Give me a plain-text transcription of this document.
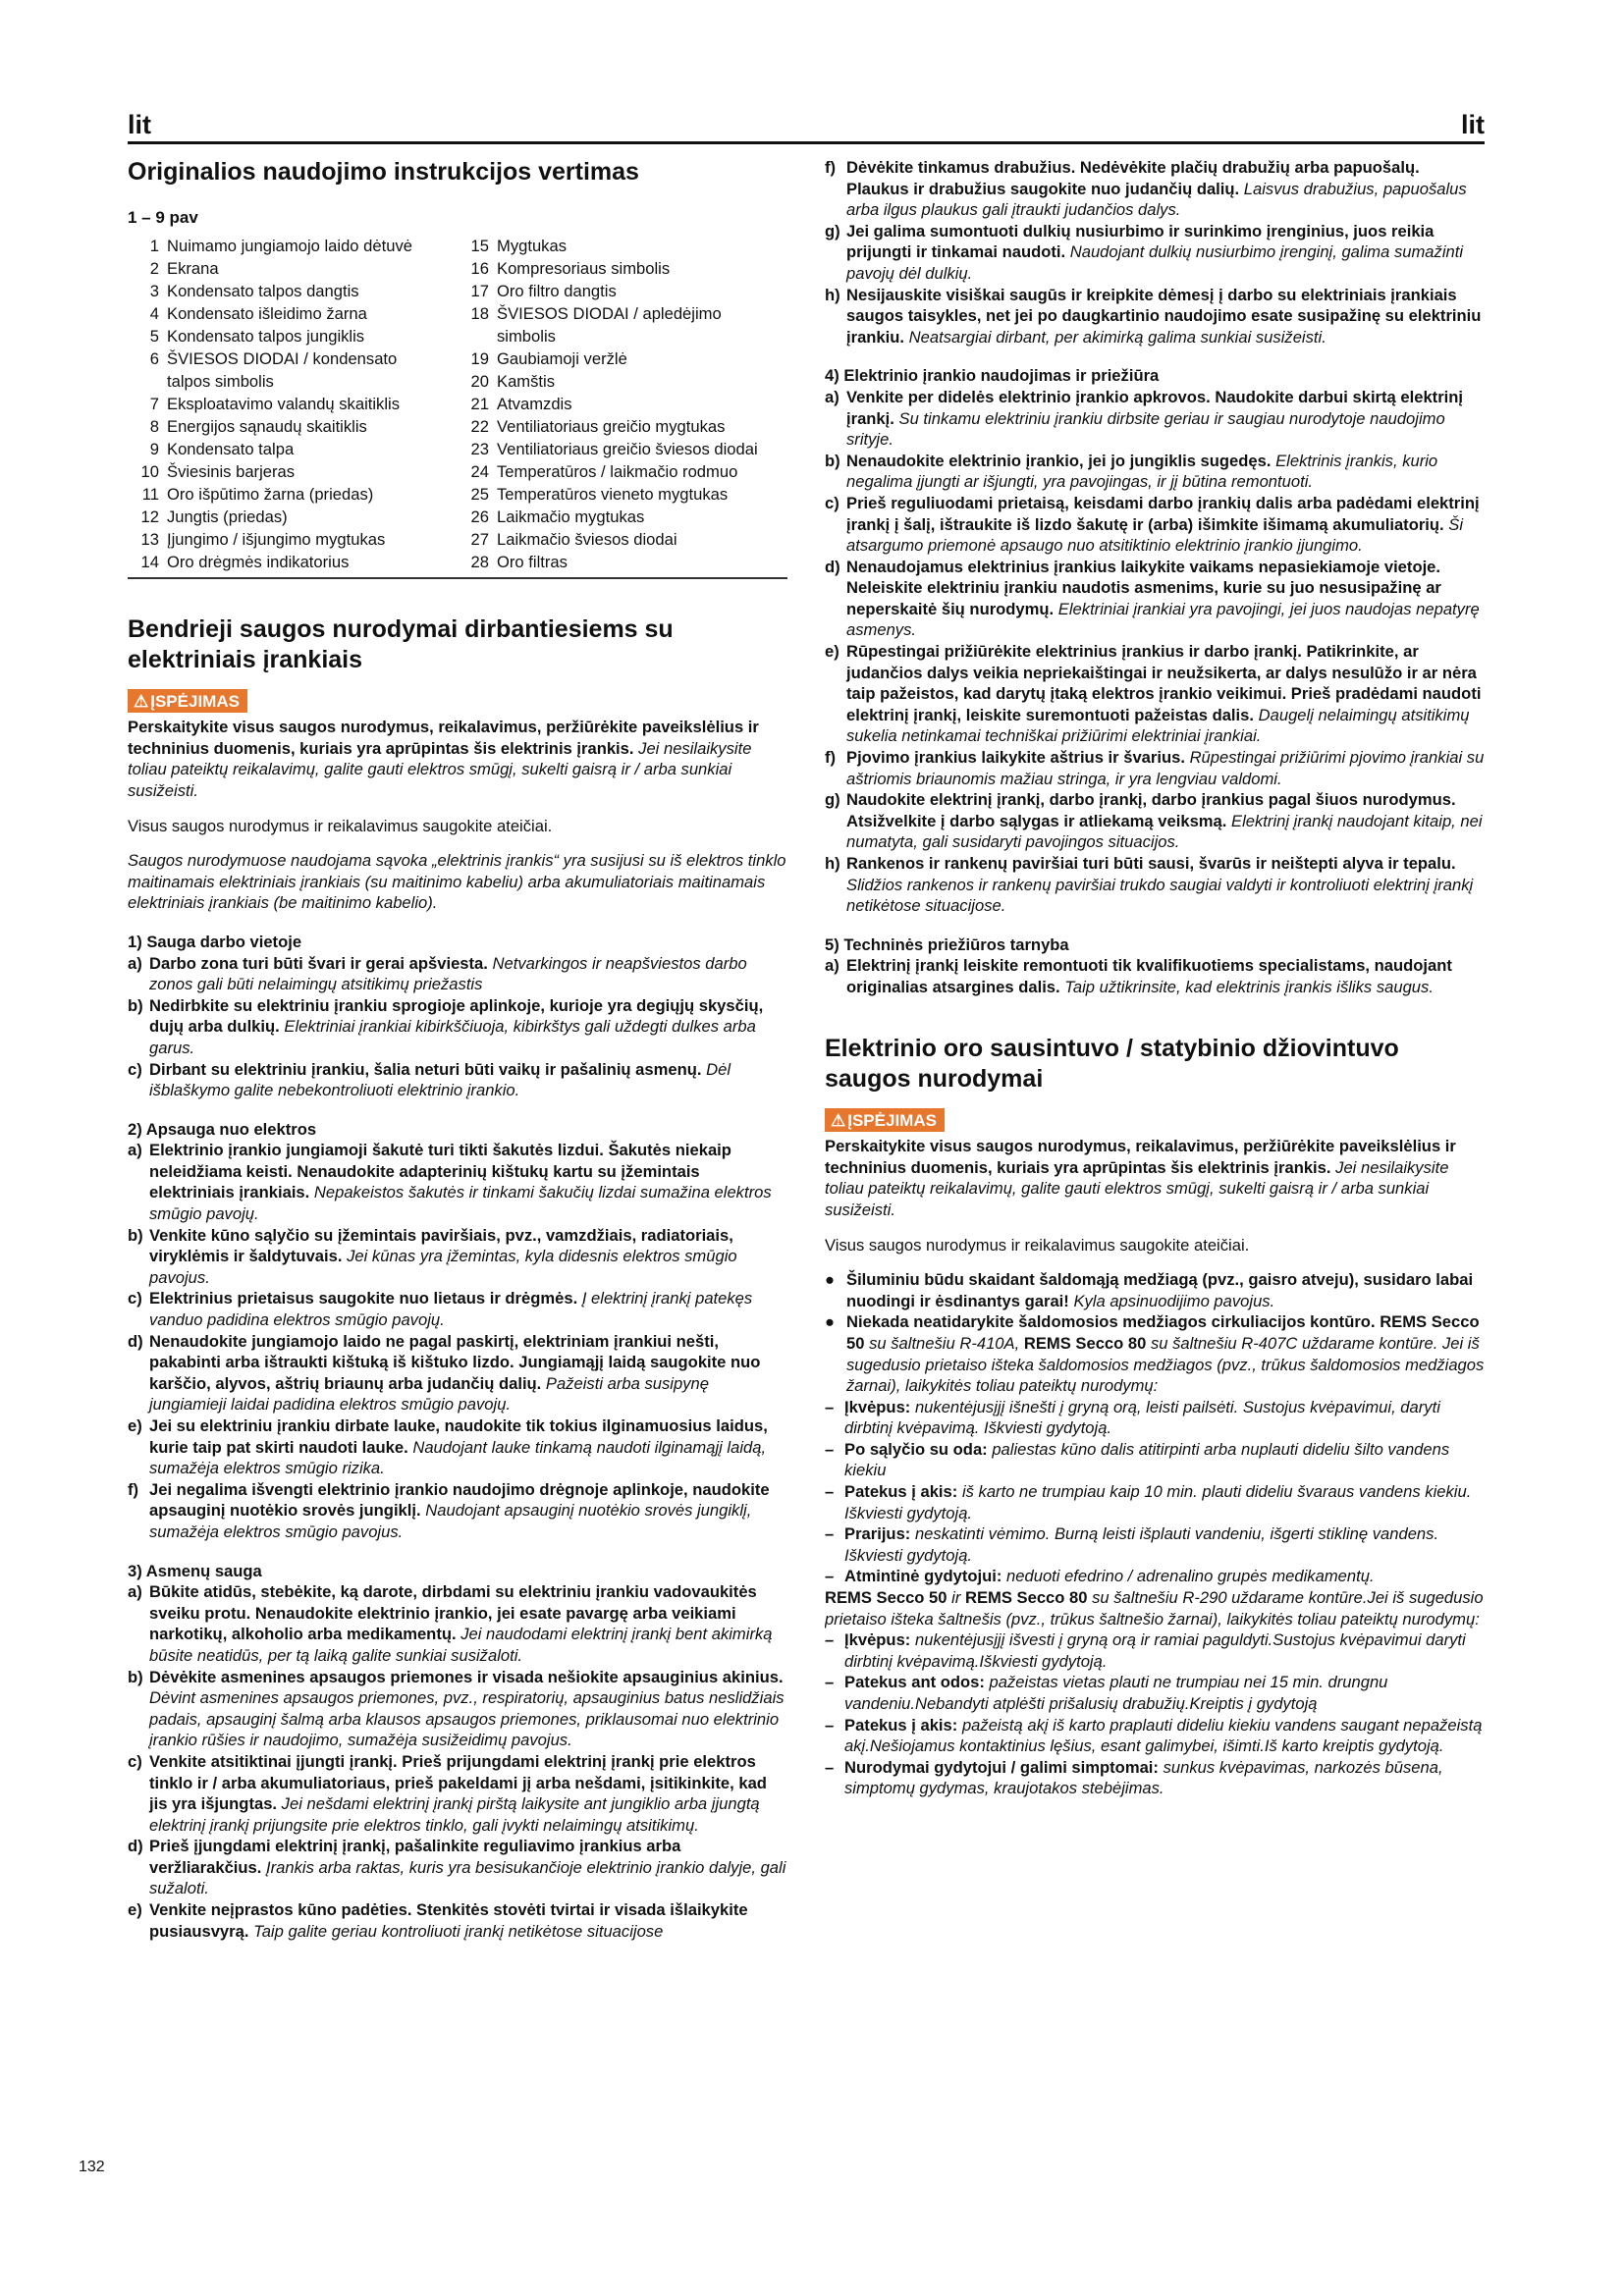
lit	lit
Originalios naudojimo instrukcijos vertimas
1 – 9 pav
1 Nuimamo jungiamojo laido dėtuvė
2 Ekrana
3 Kondensato talpos dangtis
4 Kondensato išleidimo žarna
5 Kondensato talpos jungiklis
6 ŠVIESOS DIODAI / kondensato
talpos simbolis
7 Eksploatavimo valandų skaitiklis
8 Energijos sąnaudų skaitiklis
9 Kondensato talpa
10 Šviesinis barjeras
11 Oro išpūtimo žarna (priedas)
12 Jungtis (priedas)
13 Įjungimo / išjungimo mygtukas
14 Oro drėgmės indikatorius
15 Mygtukas
16 Kompresoriaus simbolis
17 Oro filtro dangtis
18 ŠVIESOS DIODAI / apledėjimo
simbolis
19 Gaubiamoji veržlė
20 Kamštis
21 Atvamzdis
22 Ventiliatoriaus greičio mygtukas
23 Ventiliatoriaus greičio šviesos diodai
24 Temperatūros / laikmačio rodmuo
25 Temperatūros vieneto mygtukas
26 Laikmačio mygtukas
27 Laikmačio šviesos diodai
28 Oro filtras
Bendrieji saugos nurodymai dirbantiesiems su elektriniais įrankiais
⚠ ĮSPĖJIMAS

Perskaitykite visus saugos nurodymus, reikalavimus, peržiūrėkite paveikslėlius ir techninius duomenis, kuriais yra aprūpintas šis elektrinis įrankis. Jei nesilaikysite toliau pateiktų reikalavimų, galite gauti elektros smūgį, sukelti gaisrą ir / arba sunkiai susižeisti.

Visus saugos nurodymus ir reikalavimus saugokite ateičiai.

Saugos nurodymuose naudojama sąvoka „elektrinis įrankis“ yra susijusi su iš elektros tinklo maitinamais elektriniais įrankiais (su maitinimo kabeliu) arba akumuliatoriais maitinamais elektriniais įrankiais (be maitinimo kabelio).

1) Sauga darbo vietoje
a) Darbo zona turi būti švari ir gerai apšviesta. Netvarkingos ir neapšviestos darbo zonos gali būti nelaimingų atsitikimų priežastis
b) Nedirbkite su elektriniu įrankiu sprogioje aplinkoje, kurioje yra degiųjų skysčių, dujų arba dulkių. Elektriniai įrankiai kibirkščiuoja, kibirkštys gali uždegti dulkes arba garus.
c) Dirbant su elektriniu įrankiu, šalia neturi būti vaikų ir pašalinių asmenų. Dėl išblaškymo galite nebekontroliuoti elektrinio įrankio.
2) Apsauga nuo elektros
a) Elektrinio įrankio jungiamoji šakutė turi tikti šakutės lizdui. Šakutės niekaip neleidžiama keisti. Nenaudokite adapterinių kištukų kartu su įžemintais elektriniais įrankiais. Nepakeistos šakutės ir tinkami šakučių lizdai sumažina elektros smūgio pavojų.
b) Venkite kūno sąlyčio su įžemintais paviršiais, pvz., vamzdžiais, radiatoriais, viryklėmis ir šaldytuvais. Jei kūnas yra įžemintas, kyla didesnis elektros smūgio pavojus.
c) Elektrinius prietaisus saugokite nuo lietaus ir drėgmės. Į elektrinį įrankį patekęs vanduo padidina elektros smūgio pavojų.
d) Nenaudokite jungiamojo laido ne pagal paskirtį, elektriniam įrankiui nešti, pakabinti arba ištraukti kištuką iš kištuko lizdo. Jungiamąjį laidą saugokite nuo karščio, alyvos, aštrių briaunų arba judančių dalių. Pažeisti arba susipynę jungiamieji laidai padidina elektros smūgio pavojų.
e) Jei su elektriniu įrankiu dirbate lauke, naudokite tik tokius ilginamuosius laidus, kurie taip pat skirti naudoti lauke. Naudojant lauke tinkamą naudoti ilginamąjį laidą, sumažėja elektros smūgio rizika.
f) Jei negalima išvengti elektrinio įrankio naudojimo drėgnoje aplinkoje, naudokite apsauginį nuotėkio srovės jungiklį. Naudojant apsauginį nuotėkio srovės jungiklį, sumažėja elektros smūgio pavojus.
3) Asmenų sauga
a) Būkite atidūs, stebėkite, ką darote, dirbdami su elektriniu įrankiu vadovaukitės sveiku protu. Nenaudokite elektrinio įrankio, jei esate pavargę arba veikiami narkotikų, alkoholio arba medikamentų. Jei naudodami elektrinį įrankį bent akimirką būsite neatidūs, per tą laiką galite sunkiai susižaloti.
b) Dėvėkite asmenines apsaugos priemones ir visada nešiokite apsauginius akinius. Dėvint asmenines apsaugos priemones, pvz., respiratorių, apsauginius batus neslidžiais padais, apsauginį šalmą arba klausos apsaugos priemones, priklausomai nuo elektrinio įrankio rūšies ir naudojimo, sumažėja susižeidimų pavojus.
c) Venkite atsitiktinai įjungti įrankį. Prieš prijungdami elektrinį įrankį prie elektros tinklo ir / arba akumuliatoriaus, prieš pakeldami jį arba nešdami, įsitikinkite, kad jis yra išjungtas. Jei nešdami elektrinį įrankį pirštą laikysite ant jungiklio arba įjungtą elektrinį įrankį prijungsite prie elektros tinklo, gali įvykti nelaimingų atsitikimų.
d) Prieš įjungdami elektrinį įrankį, pašalinkite reguliavimo įrankius arba veržliarakčius. Įrankis arba raktas, kuris yra besisukančioje elektrinio įrankio dalyje, gali sužaloti.
e) Venkite neįprastos kūno padėties. Stenkitės stovėti tvirtai ir visada išlaikykite pusiausvyrą. Taip galite geriau kontroliuoti įrankį netikėtose situacijose
f) Dėvėkite tinkamus drabužius. Nedėvėkite plačių drabužių arba papuošalų. Plaukus ir drabužius saugokite nuo judančių dalių. Laisvus drabužius, papuošalus arba ilgus plaukus gali įtraukti judančios dalys.
g) Jei galima sumontuoti dulkių nusiurbimo ir surinkimo įrenginius, juos reikia prijungti ir tinkamai naudoti. Naudojant dulkių nusiurbimo įrenginį, galima sumažinti pavojų dėl dulkių.
h) Nesijauskite visiškai saugūs ir kreipkite dėmesį į darbo su elektriniais įrankiais saugos taisykles, net jei po daugkartinio naudojimo esate susipažinę su elektriniu įrankiu. Neatsargiai dirbant, per akimirką galima sunkiai susižeisti.
4) Elektrinio įrankio naudojimas ir priežiūra
a) Venkite per didelės elektrinio įrankio apkrovos. Naudokite darbui skirtą elektrinį įrankį. Su tinkamu elektriniu įrankiu dirbsite geriau ir saugiau nurodytoje naudojimo srityje.
b) Nenaudokite elektrinio įrankio, jei jo jungiklis sugedęs. Elektrinis įrankis, kurio negalima įjungti ar išjungti, yra pavojingas, ir jį būtina remontuoti.
c) Prieš reguliuodami prietaisą, keisdami darbo įrankių dalis arba padėdami elektrinį įrankį į šalį, ištraukite iš lizdo šakutę ir (arba) išimkite išimamą akumuliatorių. Ši atsargumo priemonė apsaugo nuo atsitiktinio elektrinio įrankio įjungimo.
d) Nenaudojamus elektrinius įrankius laikykite vaikams nepasiekiamoje vietoje. Neleiskite elektriniu įrankiu naudotis asmenims, kurie su juo nesusipažinę ar neperskaitė šių nurodymų. Elektriniai įrankiai yra pavojingi, jei juos naudojas nepatyrę asmenys.
e) Rūpestingai prižiūrėkite elektrinius įrankius ir darbo įrankį. Patikrinkite, ar judančios dalys veikia nepriekaištingai ir neužsikerta, ar dalys nesulūžo ir ar nėra taip pažeistos, kad darytų įtaką elektros įrankio veikimui. Prieš pradėdami naudoti elektrinį įrankį, leiskite suremontuoti pažeistas dalis. Daugelį nelaimingų atsitikimų sukelia netinkamai techniškai prižiūrimi elektriniai įrankiai.
f) Pjovimo įrankius laikykite aštrius ir švarius. Rūpestingai prižiūrimi pjovimo įrankiai su aštriomis briaunomis mažiau stringa, ir yra lengviau valdomi.
g) Naudokite elektrinį įrankį, darbo įrankį, darbo įrankius pagal šiuos nurodymus. Atsižvelkite į darbo sąlygas ir atliekamą veiksmą. Elektrinį įrankį naudojant kitaip, nei numatyta, gali susidaryti pavojingos situacijos.
h) Rankenos ir rankenų paviršiai turi būti sausi, švarūs ir neištepti alyva ir tepalu. Slidžios rankenos ir rankenų paviršiai trukdo saugiai valdyti ir kontroliuoti elektrinį įrankį netikėtose situacijose.
5) Techninės priežiūros tarnyba
a) Elektrinį įrankį leiskite remontuoti tik kvalifikuotiems specialistams, naudojant originalias atsargines dalis. Taip užtikrinsite, kad elektrinis įrankis išliks saugus.
Elektrinio oro sausintuvo / statybinio džiovintuvo saugos nurodymai
⚠ ĮSPĖJIMAS

Perskaitykite visus saugos nurodymus, reikalavimus, peržiūrėkite paveikslėlius ir techninius duomenis, kuriais yra aprūpintas šis elektrinis įrankis. Jei nesilaikysite toliau pateiktų reikalavimų, galite gauti elektros smūgį, sukelti gaisrą ir / arba sunkiai susižeisti.

Visus saugos nurodymus ir reikalavimus saugokite ateičiai.

● Šiluminiu būdu skaidant šaldomąją medžiagą (pvz., gaisro atveju), susidaro labai nuodingi ir ėsdinantys garai! Kyla apsinuodijimo pavojus.
● Niekada neatidarykite šaldomosios medžiagos cirkuliacijos kontūro. REMS Secco 50 su šaltnešiu R-410A, REMS Secco 80 su šaltnešiu R-407C uždarame kontūre. Jei iš sugedusio prietaiso išteka šaldomosios medžiagos (pvz., trūkus šaldomosios medžiagos žarnai), laikykitės toliau pateiktų nurodymų:
– Įkvėpus: nukentėjusįjį išnešti į gryną orą, leisti pailsėti. Sustojus kvėpavimui, daryti dirbtinį kvėpavimą. Iškviesti gydytoją.
– Po sąlyčio su oda: paliestas kūno dalis atitirpinti arba nuplauti dideliu šilto vandens kiekiu
– Patekus į akis: iš karto ne trumpiau kaip 10 min. plauti dideliu švaraus vandens kiekiu. Iškviesti gydytoją.
– Prarijus: neskatinti vėmimo. Burną leisti išplauti vandeniu, išgerti stiklinę vandens. Iškviesti gydytoją.
– Atmintinė gydytojui: neduoti efedrino / adrenalino grupės medikamentų.

REMS Secco 50 ir REMS Secco 80 su šaltnešiu R-290 uždarame kontūre.Jei iš sugedusio prietaiso išteka šaltnešis (pvz., trūkus šaltnešio žarnai), laikykitės toliau pateiktų nurodymų:

– Įkvėpus: nukentėjusįjį išvesti į gryną orą ir ramiai paguldyti.Sustojus kvėpavimui daryti dirbtinį kvėpavimą.Iškviesti gydytoją.
– Patekus ant odos: pažeistas vietas plauti ne trumpiau nei 15 min. drungnu vandeniu.Nebandyti atplėšti prišalusių drabužių.Kreiptis į gydytoją
– Patekus į akis: pažeistą akį iš karto praplauti dideliu kiekiu vandens saugant nepažeistą akį.Nešiojamus kontaktinius lęšius, esant galimybei, išimti.Iš karto kreiptis gydytoją.
– Nurodymai gydytojui / galimi simptomai: sunkus kvėpavimas, narkozės būsena, simptomų gydymas, kraujotakos stebėjimas.
132
